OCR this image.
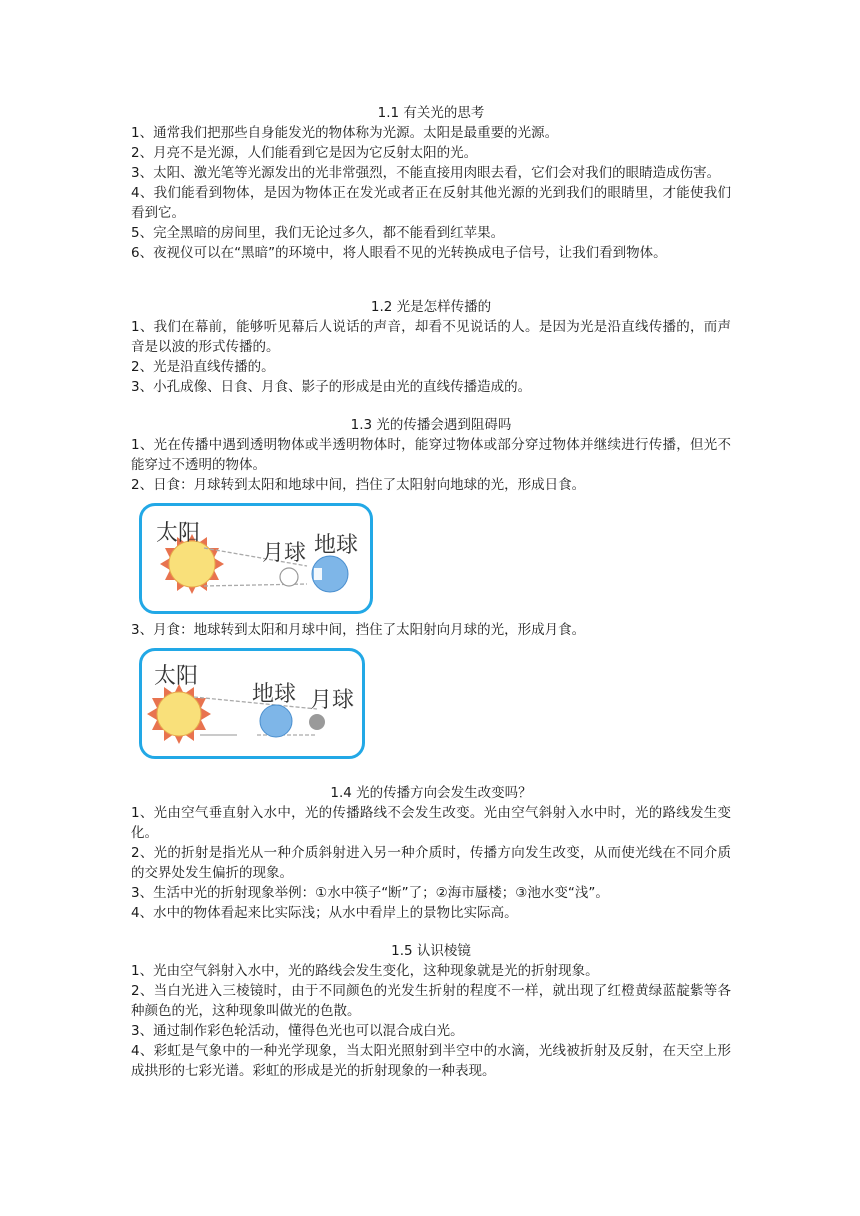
1.1 有关光的思考

1、通常我们把那些自身能发光的物体称为光源。太阳是最重要的光源。

2、月亮不是光源，人们能看到它是因为它反射太阳的光。

3、太阳、激光笔等光源发出的光非常强烈，不能直接用肉眼去看，它们会对我们的眼睛造成伤害。

4、我们能看到物体，是因为物体正在发光或者正在反射其他光源的光到我们的眼睛里，才能使我们看到它。

5、完全黑暗的房间里，我们无论过多久，都不能看到红苹果。

6、夜视仪可以在“黑暗”的环境中，将人眼看不见的光转换成电子信号，让我们看到物体。

1.2 光是怎样传播的

1、我们在幕前，能够听见幕后人说话的声音，却看不见说话的人。是因为光是沿直线传播的，而声音是以波的形式传播的。

2、光是沿直线传播的。

3、小孔成像、日食、月食、影子的形成是由光的直线传播造成的。

1.3 光的传播会遇到阻碍吗

1、光在传播中遇到透明物体或半透明物体时，能穿过物体或部分穿过物体并继续进行传播，但光不能穿过不透明的物体。

2、日食：月球转到太阳和地球中间，挡住了太阳射向地球的光，形成日食。

太阳
月球 地球

3、月食：地球转到太阳和月球中间，挡住了太阳射向月球的光，形成月食。

太阳
地球 月球

1.4 光的传播方向会发生改变吗？

1、光由空气垂直射入水中，光的传播路线不会发生改变。光由空气斜射入水中时，光的路线发生变化。

2、光的折射是指光从一种介质斜射进入另一种介质时，传播方向发生改变，从而使光线在不同介质的交界处发生偏折的现象。

3、生活中光的折射现象举例：①水中筷子“断”了；②海市蜃楼；③池水变“浅”。

4、水中的物体看起来比实际浅；从水中看岸上的景物比实际高。

1.5 认识棱镜

1、光由空气斜射入水中，光的路线会发生变化，这种现象就是光的折射现象。

2、当白光进入三棱镜时，由于不同颜色的光发生折射的程度不一样，就出现了红橙黄绿蓝靛紫等各种颜色的光，这种现象叫做光的色散。

3、通过制作彩色轮活动，懂得色光也可以混合成白光。

4、彩虹是气象中的一种光学现象，当太阳光照射到半空中的水滴，光线被折射及反射，在天空上形成拱形的七彩光谱。彩虹的形成是光的折射现象的一种表现。
